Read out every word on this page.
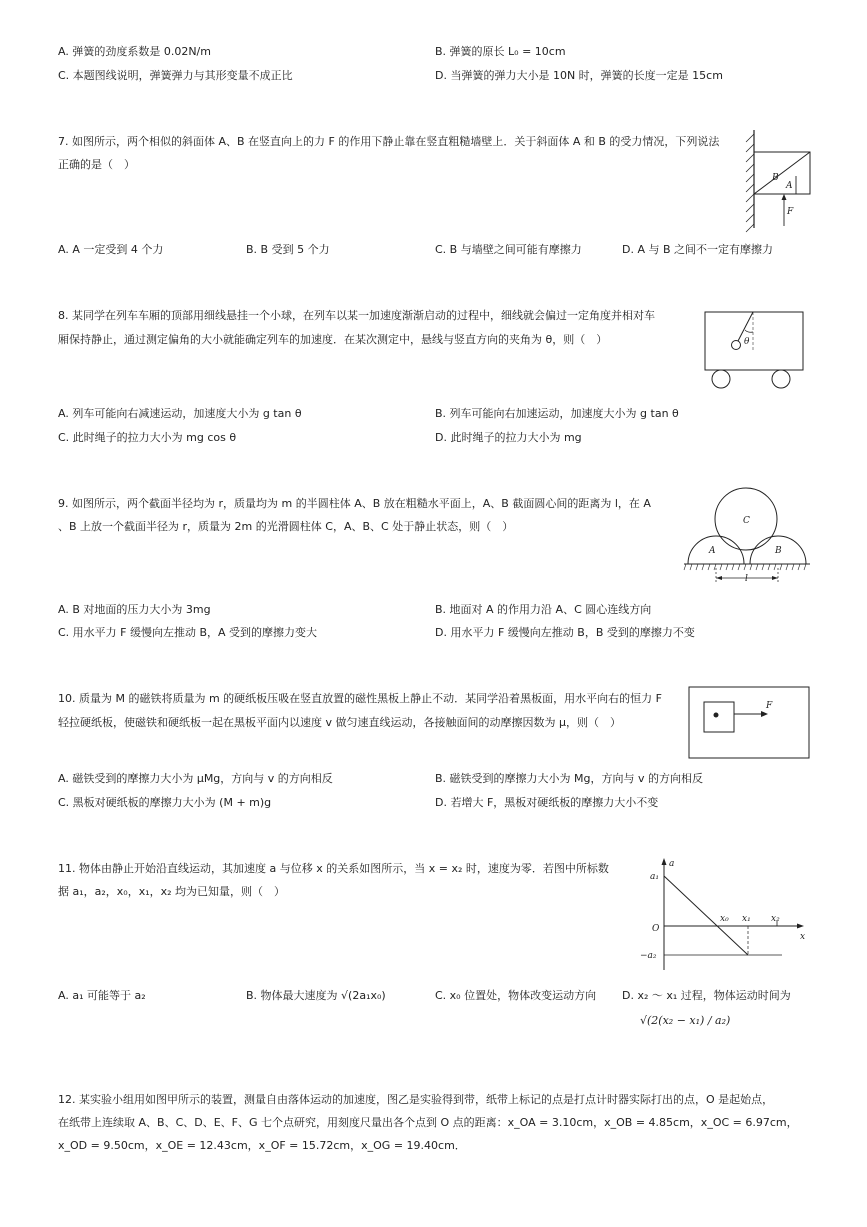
A. 弹簧的劲度系数是 0.02N/m	B. 弹簧的原长 L₀ = 10cm
C. 本题图线说明，弹簧弹力与其形变量不成正比	D. 当弹簧的弹力大小是 10N 时，弹簧的长度一定是 15cm
7. 如图所示，两个相似的斜面体 A、B 在竖直向上的力 F 的作用下静止靠在竖直粗糙墙壁上．关于斜面体 A 和 B 的受力情况，下列说法
正确的是（　）
B
A
F
A. A 一定受到 4 个力	B. B 受到 5 个力	C. B 与墙壁之间可能有摩擦力	D. A 与 B 之间不一定有摩擦力
8. 某同学在列车车厢的顶部用细线悬挂一个小球，在列车以某一加速度渐渐启动的过程中，细线就会偏过一定角度并相对车
厢保持静止，通过测定偏角的大小就能确定列车的加速度．在某次测定中，悬线与竖直方向的夹角为 θ，则（　）	θ
A. 列车可能向右减速运动，加速度大小为 g tan θ	B. 列车可能向右加速运动，加速度大小为 g tan θ
C. 此时绳子的拉力大小为 mg cos θ	D. 此时绳子的拉力大小为 mg
9. 如图所示，两个截面半径均为 r，质量均为 m 的半圆柱体 A、B 放在粗糙水平面上，A、B 截面圆心间的距离为 l，在 A
、B 上放一个截面半径为 r，质量为 2m 的光滑圆柱体 C，A、B、C 处于静止状态，则（　）	C
A	B
l
A. B 对地面的压力大小为 3mg	B. 地面对 A 的作用力沿 A、C 圆心连线方向
C. 用水平力 F 缓慢向左推动 B，A 受到的摩擦力变大	D. 用水平力 F 缓慢向左推动 B，B 受到的摩擦力不变
10. 质量为 M 的磁铁将质量为 m 的硬纸板压吸在竖直放置的磁性黑板上静止不动．某同学沿着黑板面，用水平向右的恒力 F
轻拉硬纸板，使磁铁和硬纸板一起在黑板平面内以速度 v 做匀速直线运动，各接触面间的动摩擦因数为 μ，则（　）
F
A. 磁铁受到的摩擦力大小为 μMg，方向与 v 的方向相反	B. 磁铁受到的摩擦力大小为 Mg，方向与 v 的方向相反
C. 黑板对硬纸板的摩擦力大小为 (M + m)g	D. 若增大 F，黑板对硬纸板的摩擦力大小不变
11. 物体由静止开始沿直线运动，其加速度 a 与位移 x 的关系如图所示，当 x = x₂ 时，速度为零．若图中所标数
据 a₁，a₂，x₀，x₁，x₂ 均为已知量，则（　）
a
a₁
O
x₀ x₁ x₂
x
−a₂
A. a₁ 可能等于 a₂	B. 物体最大速度为 √(2a₁x₀)	C. x₀ 位置处，物体改变运动方向 D. x₂ ～ x₁ 过程，物体运动时间为
√(2(x₂ − x₁) / a₂)
12. 某实验小组用如图甲所示的装置，测量自由落体运动的加速度，图乙是实验得到带，纸带上标记的点是打点计时器实际打出的点，O 是起始点，
在纸带上连续取 A、B、C、D、E、F、G 七个点研究，用刻度尺量出各个点到 O 点的距离：x_OA = 3.10cm，x_OB = 4.85cm，x_OC = 6.97cm，
x_OD = 9.50cm，x_OE = 12.43cm，x_OF = 15.72cm，x_OG = 19.40cm．
